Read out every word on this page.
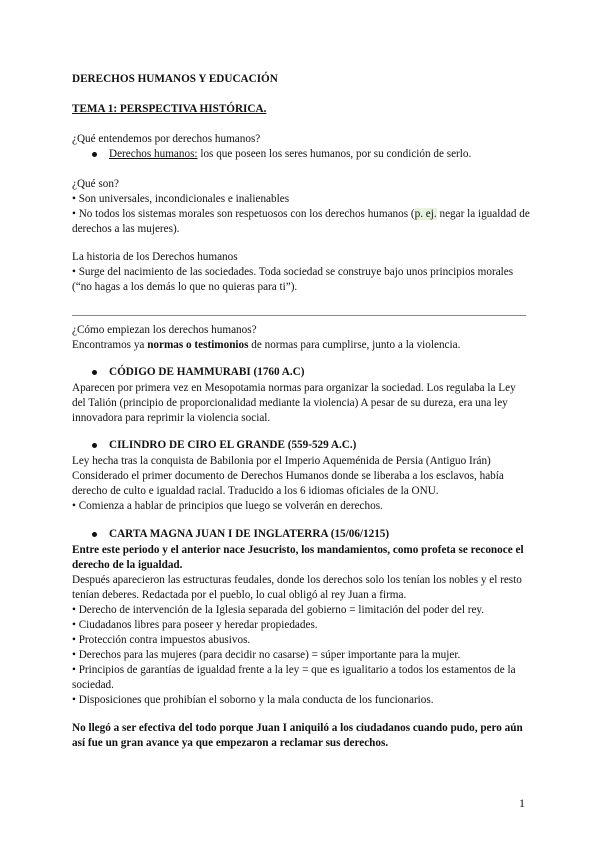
DERECHOS HUMANOS Y EDUCACIÓN
TEMA 1: PERSPECTIVA HISTÓRICA.
¿Qué entendemos por derechos humanos?
Derechos humanos: los que poseen los seres humanos, por su condición de serlo.
¿Qué son?
• Son universales, incondicionales e inalienables
• No todos los sistemas morales son respetuosos con los derechos humanos (p. ej. negar la igualdad de
derechos a las mujeres).
La historia de los Derechos humanos
• Surge del nacimiento de las sociedades. Toda sociedad se construye bajo unos principios morales
(“no hagas a los demás lo que no quieras para ti”).
¿Cómo empiezan los derechos humanos?
Encontramos ya normas o testimonios de normas para cumplirse, junto a la violencia.
CÓDIGO DE HAMMURABI (1760 A.C)
Aparecen por primera vez en Mesopotamia normas para organizar la sociedad. Los regulaba la Ley
del Talión (principio de proporcionalidad mediante la violencia) A pesar de su dureza, era una ley
innovadora para reprimir la violencia social.
CILINDRO DE CIRO EL GRANDE (559-529 A.C.)
Ley hecha tras la conquista de Babilonia por el Imperio Aqueménida de Persia (Antiguo Irán)
Considerado el primer documento de Derechos Humanos donde se liberaba a los esclavos, había
derecho de culto e igualdad racial. Traducido a los 6 idiomas oficiales de la ONU.
• Comienza a hablar de principios que luego se volverán en derechos.
CARTA MAGNA JUAN I DE INGLATERRA (15/06/1215)
Entre este periodo y el anterior nace Jesucristo, los mandamientos, como profeta se reconoce el
derecho de la igualdad.
Después aparecieron las estructuras feudales, donde los derechos solo los tenían los nobles y el resto
tenían deberes. Redactada por el pueblo, lo cual obligó al rey Juan a firma.
• Derecho de intervención de la Iglesia separada del gobierno = limitación del poder del rey.
• Ciudadanos libres para poseer y heredar propiedades.
• Protección contra impuestos abusivos.
• Derechos para las mujeres (para decidir no casarse) = súper importante para la mujer.
• Principios de garantías de igualdad frente a la ley = que es igualitario a todos los estamentos de la
sociedad.
• Disposiciones que prohibían el soborno y la mala conducta de los funcionarios.
No llegó a ser efectiva del todo porque Juan I aniquiló a los ciudadanos cuando pudo, pero aún
así fue un gran avance ya que empezaron a reclamar sus derechos.
1
